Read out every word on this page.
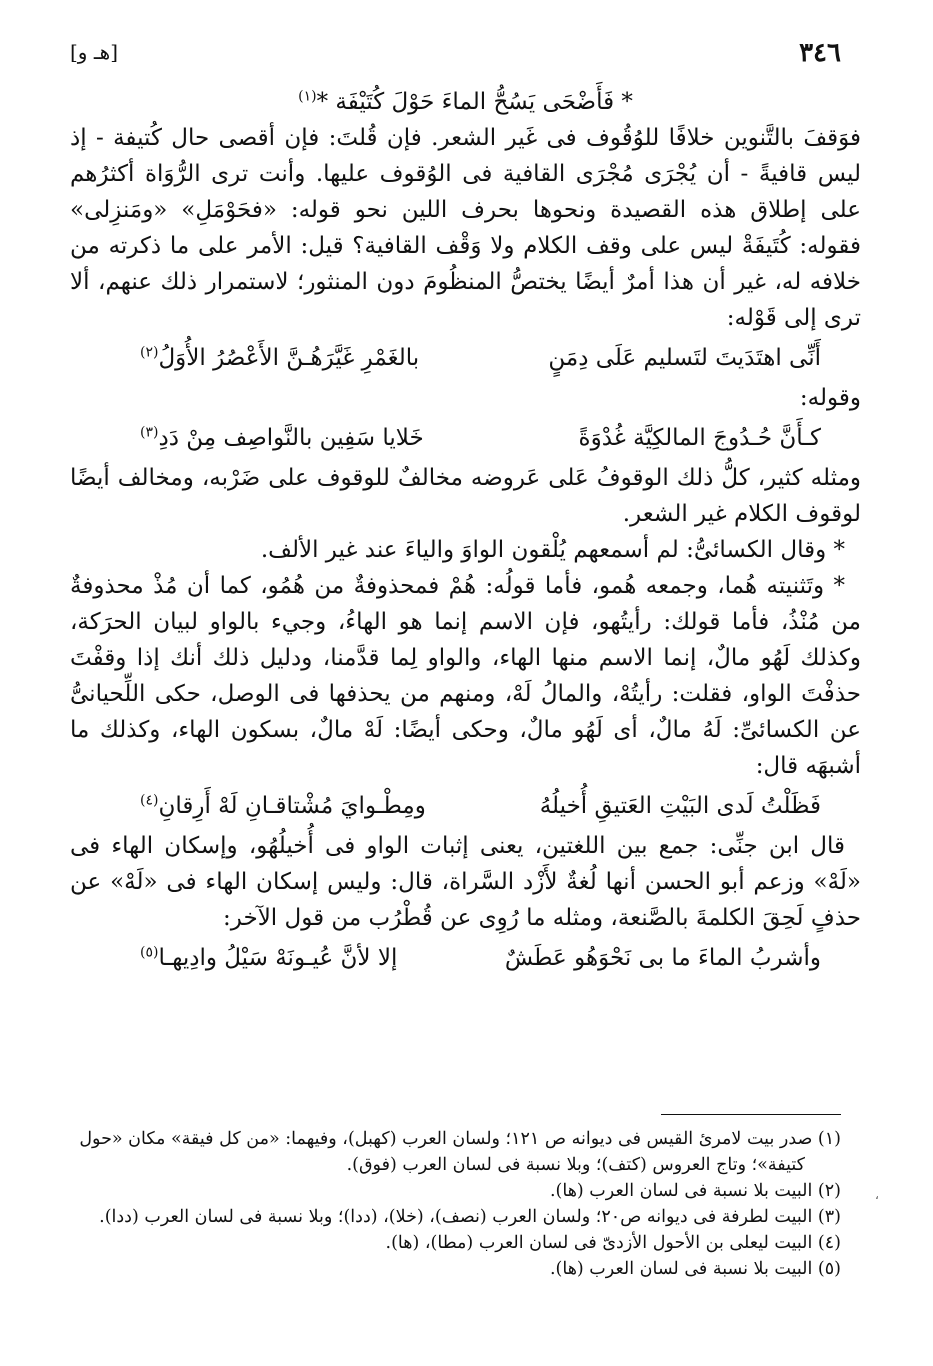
٣٤٦
[هـ و]

* فَأَضْحَى يَسُحُّ الماءَ حَوْلَ كُتَيْفَة *$^{(١)}$

فوَقفَ بالتَّنوين خلافًا للوُقُوف فى غَير الشعر. فإن قُلتَ: فإن أقصى حال كُتيفة - إذ ليس قافيةً - أن يُجْرَى مُجْرَى القافية فى الوُقوف عليها. وأنت ترى الرُّوَاة أكثرُهم على إطلاق هذه القصيدة ونحوها بحرف اللين نحو قوله: «فحَوْمَلِ» «ومَنزِلى» فقوله: كُتَيفَةْ ليس على وقف الكلام ولا وَقْف القافية؟ قيل: الأمر على ما ذكرته من خلافه له، غير أن هذا أمرٌ أيضًا يختصُّ المنظُومَ دون المنثور؛ لاستمرار ذلك عنهم، ألا ترى إلى قَوْله:

أَنِّى اهتَدَيتَ لتَسليم عَلَى دِمَنٍ
بالغَمْرِ غَيَّرَهُـنَّ الأَعْصُرُ الأُوَلُ$^{(٢)}$

وقوله:

كـأَنَّ حُـدُوجَ المالكِيَّة غُدْوَةً
خَلايا سَفِين بالنَّواصِف مِنْ دَدِ$^{(٣)}$

ومثله كثير، كلُّ ذلك الوقوفُ عَلى عَروضه مخالفٌ للوقوف على ضَرْبه، ومخالف أيضًا لوقوف الكلام غير الشعر.

* وقال الكسائىُّ: لم أسمعهم يُلْقون الواوَ والياءَ عند غير الألف.

* وتَثنيته هُما، وجمعه هُمو، فأما قولُه: هُمْ فمحذوفةٌ من هُمُو، كما أن مُذْ محذوفةٌ من مُنْذُ، فأما قولك: رأيتُهو، فإن الاسم إنما هو الهاءُ، وجيء بالواو لبيان الحرَكة، وكذلك لَهُو مالٌ، إنما الاسم منها الهاء، والواو لِما قدَّمنا، ودليل ذلك أنك إذا وقفْتَ حذفْتَ الواو، فقلت: رأيتُهْ، والمالُ لَهْ، ومنهم من يحذفها فى الوصل، حكى اللِّحيانىُّ عن الكسائىِّ: لَهُ مالٌ، أى لَهُو مالٌ، وحكى أيضًا: لَهْ مالٌ، بسكون الهاء، وكذلك ما أشبهَه قال:

فَظَلْتُ لَدى البَيْتِ العَتيقِ أُخيلُهُ
ومِطْـوايَ مُشْتاقـانِ لَهْ أَرِقانِ$^{(٤)}$

قال ابن جنِّى: جمع بين اللغتين، يعنى إثبات الواو فى أُخيلُهُو، وإسكان الهاء فى «لَهْ» وزعم أبو الحسن أنها لُغةٌ لأَزْد السَّراة، قال: وليس إسكان الهاء فى «لَهْ» عن حذفٍ لَحِقَ الكلمةَ بالصَّنعة، ومثله ما رُوِى عن قُطْرُب من قول الآخر:

وأشربُ الماءَ ما بى نَحْوَهُو عَطَشٌ
إلا لأنَّ عُيـونَهْ سَيْلُ وادِيهـا$^{(٥)}$

(١) صدر بيت لامرئ القيس فى ديوانه ص ١٢١؛ ولسان العرب (كهبل)، وفيهما: «من كل فيقة» مكان «حول

كتيفة»؛ وتاج العروس (كتف)؛ وبلا نسبة فى لسان العرب (فوق).

(٢) البيت بلا نسبة فى لسان العرب (ها).

(٣) البيت لطرفة فى ديوانه ص٢٠؛ ولسان العرب (نصف)، (خلا)، (ددا)؛ وبلا نسبة فى لسان العرب (ددا).

(٤) البيت ليعلى بن الأحول الأزدىّ فى لسان العرب (مطا)، (ها).

(٥) البيت بلا نسبة فى لسان العرب (ها).

،
